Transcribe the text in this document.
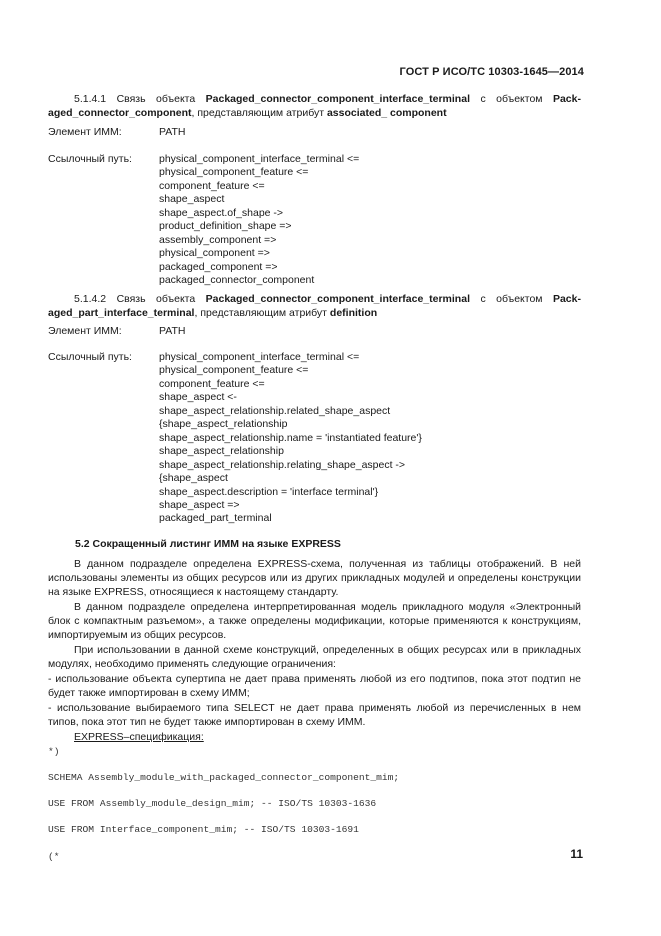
ГОСТ Р ИСО/ТС 10303-1645—2014
5.1.4.1 Связь объекта Packaged_connector_component_interface_terminal с объектом Pack-aged_connector_component, представляющим атрибут associated_ component
Элемент ИММ:	PATH
Ссылочный путь:	physical_component_interface_terminal <=
physical_component_feature <=
component_feature <=
shape_aspect
shape_aspect.of_shape ->
product_definition_shape =>
assembly_component =>
physical_component =>
packaged_component =>
packaged_connector_component
5.1.4.2 Связь объекта Packaged_connector_component_interface_terminal с объектом Pack-aged_part_interface_terminal, представляющим атрибут definition
Элемент ИММ:	PATH
Ссылочный путь:	physical_component_interface_terminal <=
physical_component_feature <=
component_feature <=
shape_aspect <-
shape_aspect_relationship.related_shape_aspect
{shape_aspect_relationship
shape_aspect_relationship.name = 'instantiated feature'}
shape_aspect_relationship
shape_aspect_relationship.relating_shape_aspect ->
{shape_aspect
shape_aspect.description = 'interface terminal'}
shape_aspect =>
packaged_part_terminal
5.2 Сокращенный листинг ИММ на языке EXPRESS
В данном подразделе определена EXPRESS-схема, полученная из таблицы отображений. В ней использованы элементы из общих ресурсов или из других прикладных модулей и определены конструкции на языке EXPRESS, относящиеся к настоящему стандарту.
В данном подразделе определена интерпретированная модель прикладного модуля «Электронный блок с компактным разъемом», а также определены модификации, которые применяются к конструкциям, импортируемым из общих ресурсов.
При использовании в данной схеме конструкций, определенных в общих ресурсах или в прикладных модулях, необходимо применять следующие ограничения:
- использование объекта супертипа не дает права применять любой из его подтипов, пока этот подтип не будет также импортирован в схему ИММ;
- использование выбираемого типа SELECT не дает права применять любой из перечисленных в нем типов, пока этот тип не будет также импортирован в схему ИММ.
EXPRESS–спецификация:
*)
SCHEMA Assembly_module_with_packaged_connector_component_mim;
USE FROM Assembly_module_design_mim; -- ISO/TS 10303-1636
USE FROM Interface_component_mim; -- ISO/TS 10303-1691
(*	11
